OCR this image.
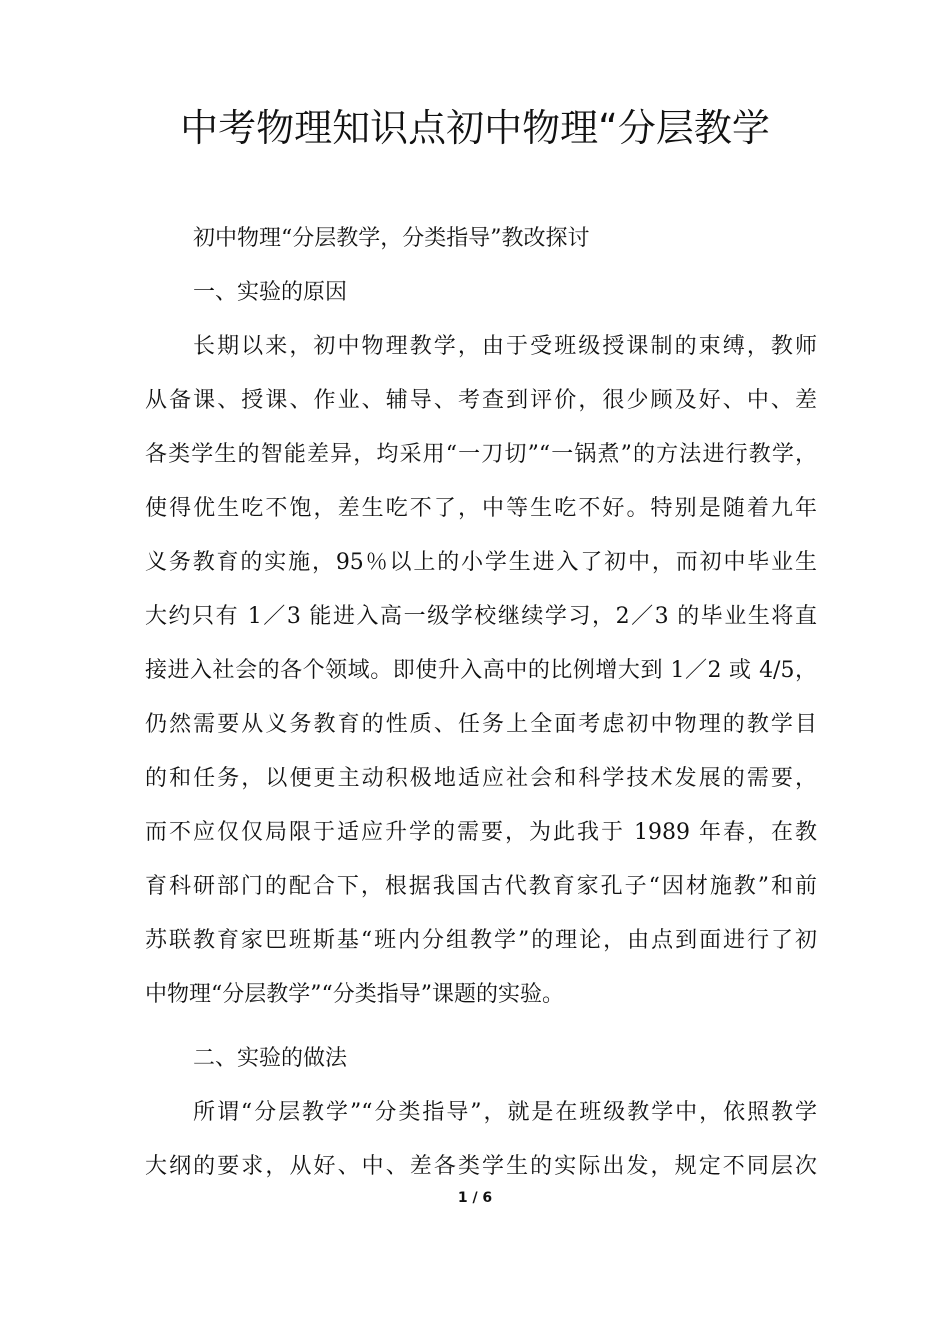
中考物理知识点初中物理“分层教学
初中物理“分层教学，分类指导”教改探讨
一、实验的原因
长期以来，初中物理教学，由于受班级授课制的束缚，教师
从备课、授课、作业、辅导、考查到评价，很少顾及好、中、差
各类学生的智能差异，均采用“一刀切”“一锅煮”的方法进行教学，
使得优生吃不饱，差生吃不了，中等生吃不好。特别是随着九年
义务教育的实施，95％以上的小学生进入了初中，而初中毕业生
大约只有 1／3 能进入高一级学校继续学习，2／3 的毕业生将直
接进入社会的各个领域。即使升入高中的比例增大到 1／2 或 4/5，
仍然需要从义务教育的性质、任务上全面考虑初中物理的教学目
的和任务，以便更主动积极地适应社会和科学技术发展的需要，
而不应仅仅局限于适应升学的需要，为此我于 1989 年春，在教
育科研部门的配合下，根据我国古代教育家孔子“因材施教”和前
苏联教育家巴班斯基“班内分组教学”的理论，由点到面进行了初
中物理“分层教学”“分类指导”课题的实验。
二、实验的做法
所谓“分层教学”“分类指导”，就是在班级教学中，依照教学
大纲的要求，从好、中、差各类学生的实际出发，规定不同层次
1 / 6
